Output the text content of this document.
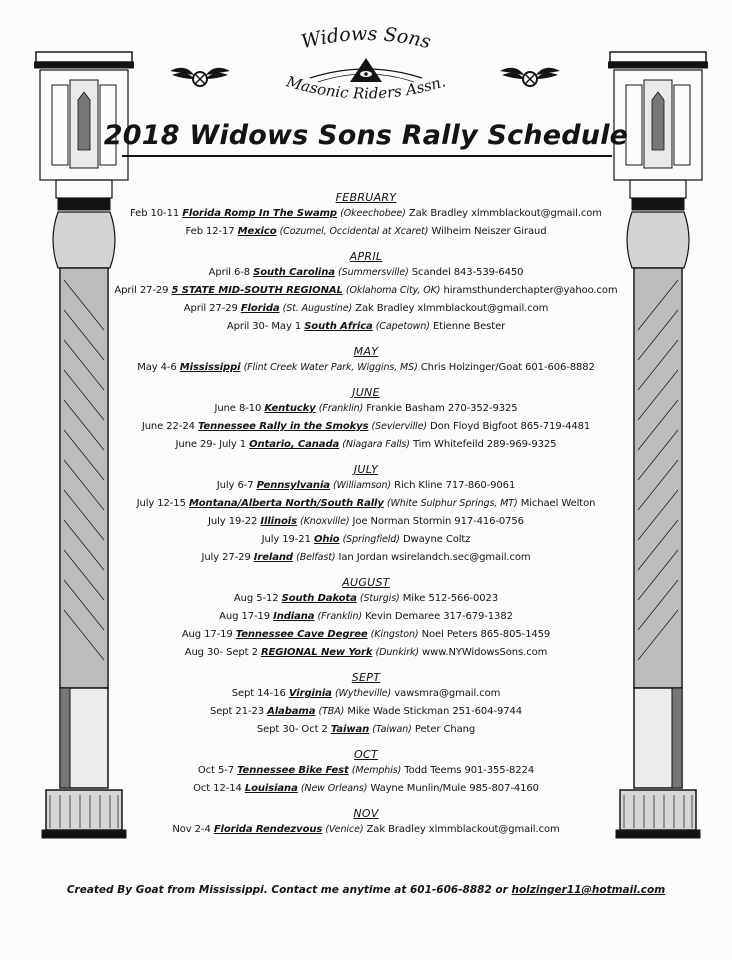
Widows Sons
Masonic Riders Assn.
2018 Widows Sons Rally Schedule
FEBRUARY
Feb 10-11 Florida Romp In The Swamp (Okeechobee) Zak Bradley xlmmblackout@gmail.com
Feb 12-17 Mexico (Cozumel, Occidental at Xcaret) Wilheim Neiszer Giraud
APRIL
April 6-8 South Carolina (Summersville) Scandel 843-539-6450
April 27-29 5 STATE MID-SOUTH REGIONAL (Oklahoma City, OK) hiramsthunderchapter@yahoo.com
April 27-29 Florida (St. Augustine) Zak Bradley xlmmblackout@gmail.com
April 30- May 1 South Africa (Capetown) Etienne Bester
MAY
May 4-6 Mississippi (Flint Creek Water Park, Wiggins, MS) Chris Holzinger/Goat 601-606-8882
JUNE
June 8-10 Kentucky (Franklin) Frankie Basham 270-352-9325
June 22-24 Tennessee Rally in the Smokys (Sevierville) Don Floyd Bigfoot 865-719-4481
June 29- July 1 Ontario, Canada (Niagara Falls) Tim Whitefeild 289-969-9325
JULY
July 6-7 Pennsylvania (Williamson) Rich Kline 717-860-9061
July 12-15 Montana/Alberta North/South Rally (White Sulphur Springs, MT) Michael Welton
July 19-22 Illinois (Knoxville) Joe Norman Stormin 917-416-0756
July 19-21 Ohio (Springfield) Dwayne Coltz
July 27-29 Ireland (Belfast) Ian Jordan wsirelandch.sec@gmail.com
AUGUST
Aug 5-12 South Dakota (Sturgis) Mike 512-566-0023
Aug 17-19 Indiana (Franklin) Kevin Demaree 317-679-1382
Aug 17-19 Tennessee Cave Degree (Kingston) Noel Peters 865-805-1459
Aug 30- Sept 2 REGIONAL New York (Dunkirk) www.NYWidowsSons.com
SEPT
Sept 14-16 Virginia (Wytheville) vawsmra@gmail.com
Sept 21-23 Alabama (TBA) Mike Wade Stickman 251-604-9744
Sept 30- Oct 2 Taiwan (Taiwan) Peter Chang
OCT
Oct 5-7 Tennessee Bike Fest (Memphis) Todd Teems 901-355-8224
Oct 12-14 Louisiana (New Orleans) Wayne Munlin/Mule 985-807-4160
NOV
Nov 2-4 Florida Rendezvous (Venice) Zak Bradley xlmmblackout@gmail.com
Created By Goat from Mississippi. Contact me anytime at 601-606-8882 or holzinger11@hotmail.com
